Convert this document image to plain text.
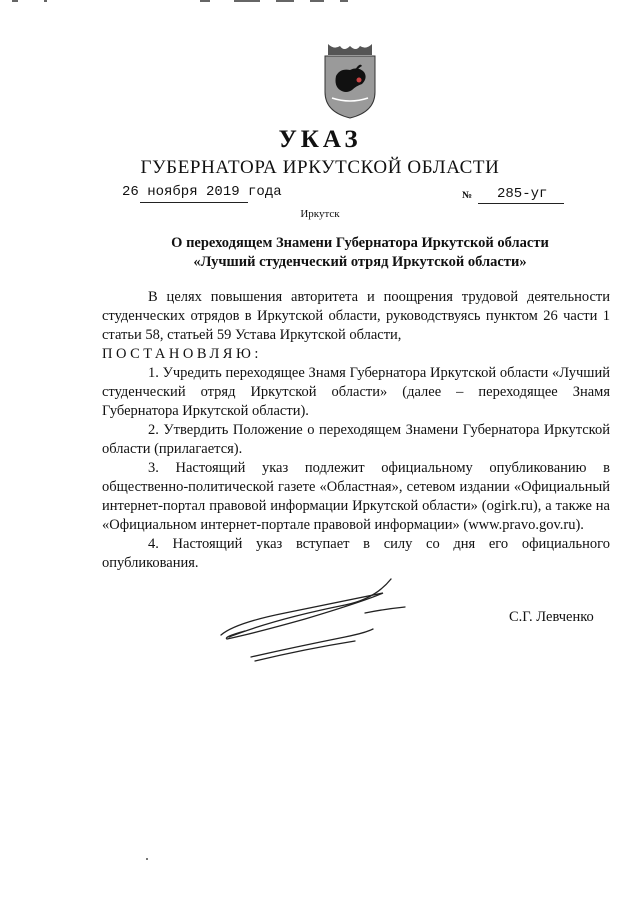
УКАЗ
ГУБЕРНАТОРА ИРКУТСКОЙ ОБЛАСТИ
26 ноября 2019 года	№ 285-уг
Иркутск
О переходящем Знамени Губернатора Иркутской области
«Лучший студенческий отряд Иркутской области»

В целях повышения авторитета и поощрения трудовой деятельности студенческих отрядов в Иркутской области, руководствуясь пунктом 26 части 1 статьи 58, статьей 59 Устава Иркутской области,

ПОСТАНОВЛЯЮ:

1. Учредить переходящее Знамя Губернатора Иркутской области «Лучший студенческий отряд Иркутской области» (далее – переходящее Знамя Губернатора Иркутской области).

2. Утвердить Положение о переходящем Знамени Губернатора Иркутской области (прилагается).

3. Настоящий указ подлежит официальному опубликованию в общественно-политической газете «Областная», сетевом издании «Официальный интернет-портал правовой информации Иркутской области» (ogirk.ru), а также на «Официальном интернет-портале правовой информации» (www.pravo.gov.ru).

4. Настоящий указ вступает в силу со дня его официального опубликования.

С.Г. Левченко
